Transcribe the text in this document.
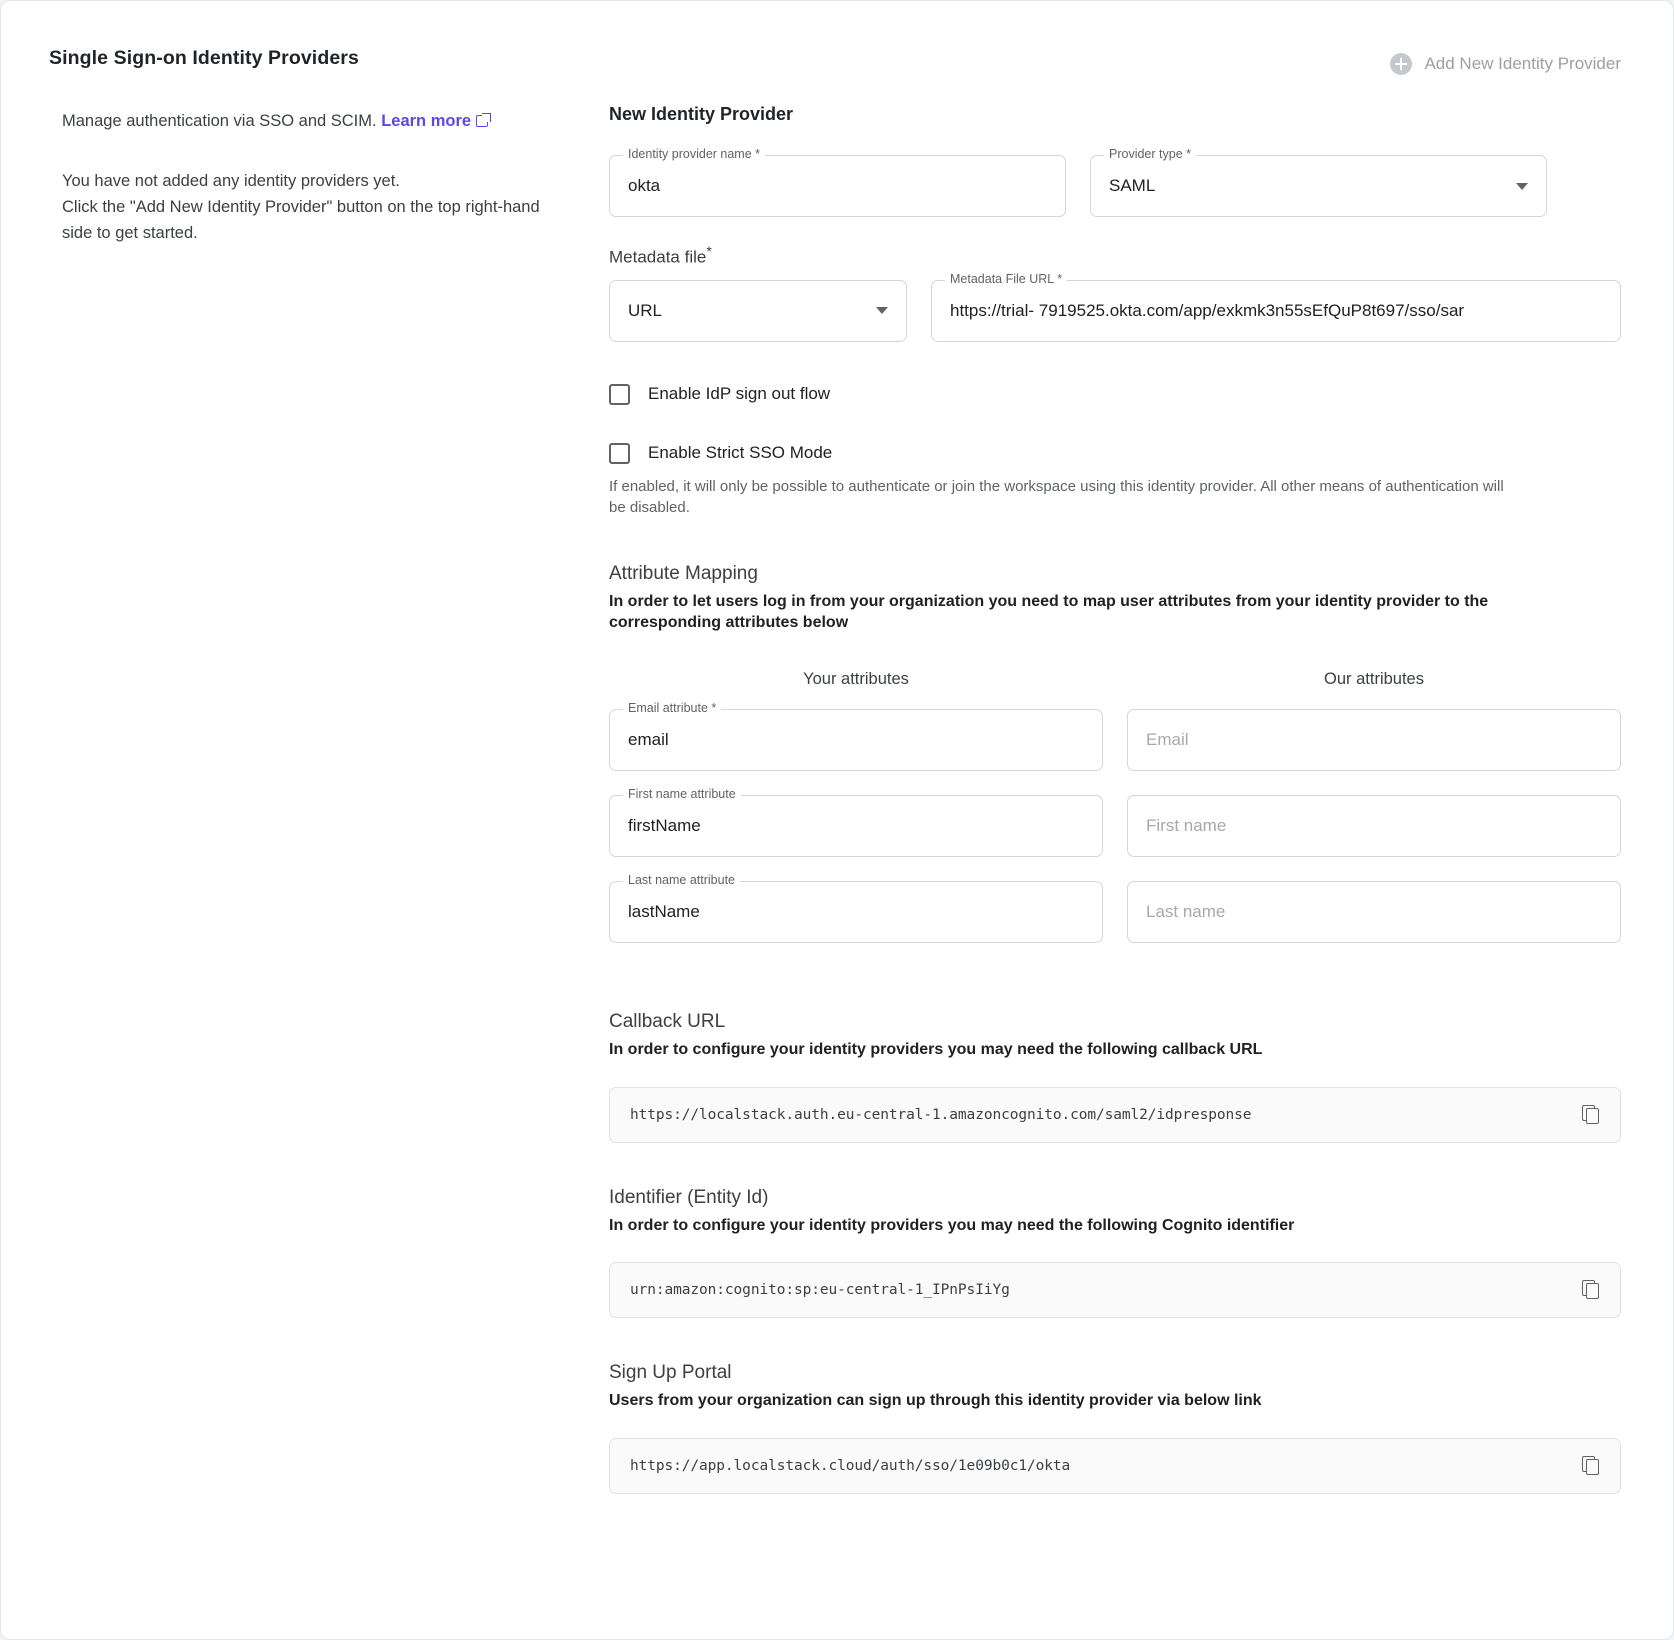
Single Sign-on Identity Providers	Add New Identity Provider

Manage authentication via SSO and SCIM. Learn more

You have not added any identity providers yet.
Click the "Add New Identity Provider" button on the top right-hand side to get started.

New Identity Provider
Identity provider name *
okta
Provider type *
SAML
Metadata file*
URL
Metadata File URL *
https://trial- 7919525.okta.com/app/exkmk3n55sEfQuP8t697/sso/sar
Enable IdP sign out flow
Enable Strict SSO Mode
If enabled, it will only be possible to authenticate or join the workspace using this identity provider. All other means of authentication will be disabled.
Attribute Mapping
In order to let users log in from your organization you need to map user attributes from your identity provider to the corresponding attributes below
Your attributes	Our attributes
Email attribute *
email	Email
First name attribute
firstName	First name
Last name attribute
lastName	Last name
Callback URL
In order to configure your identity providers you may need the following callback URL
https://localstack.auth.eu-central-1.amazoncognito.com/saml2/idpresponse
Identifier (Entity Id)
In order to configure your identity providers you may need the following Cognito identifier
urn:amazon:cognito:sp:eu-central-1_IPnPsIiYg
Sign Up Portal
Users from your organization can sign up through this identity provider via below link
https://app.localstack.cloud/auth/sso/1e09b0c1/okta
